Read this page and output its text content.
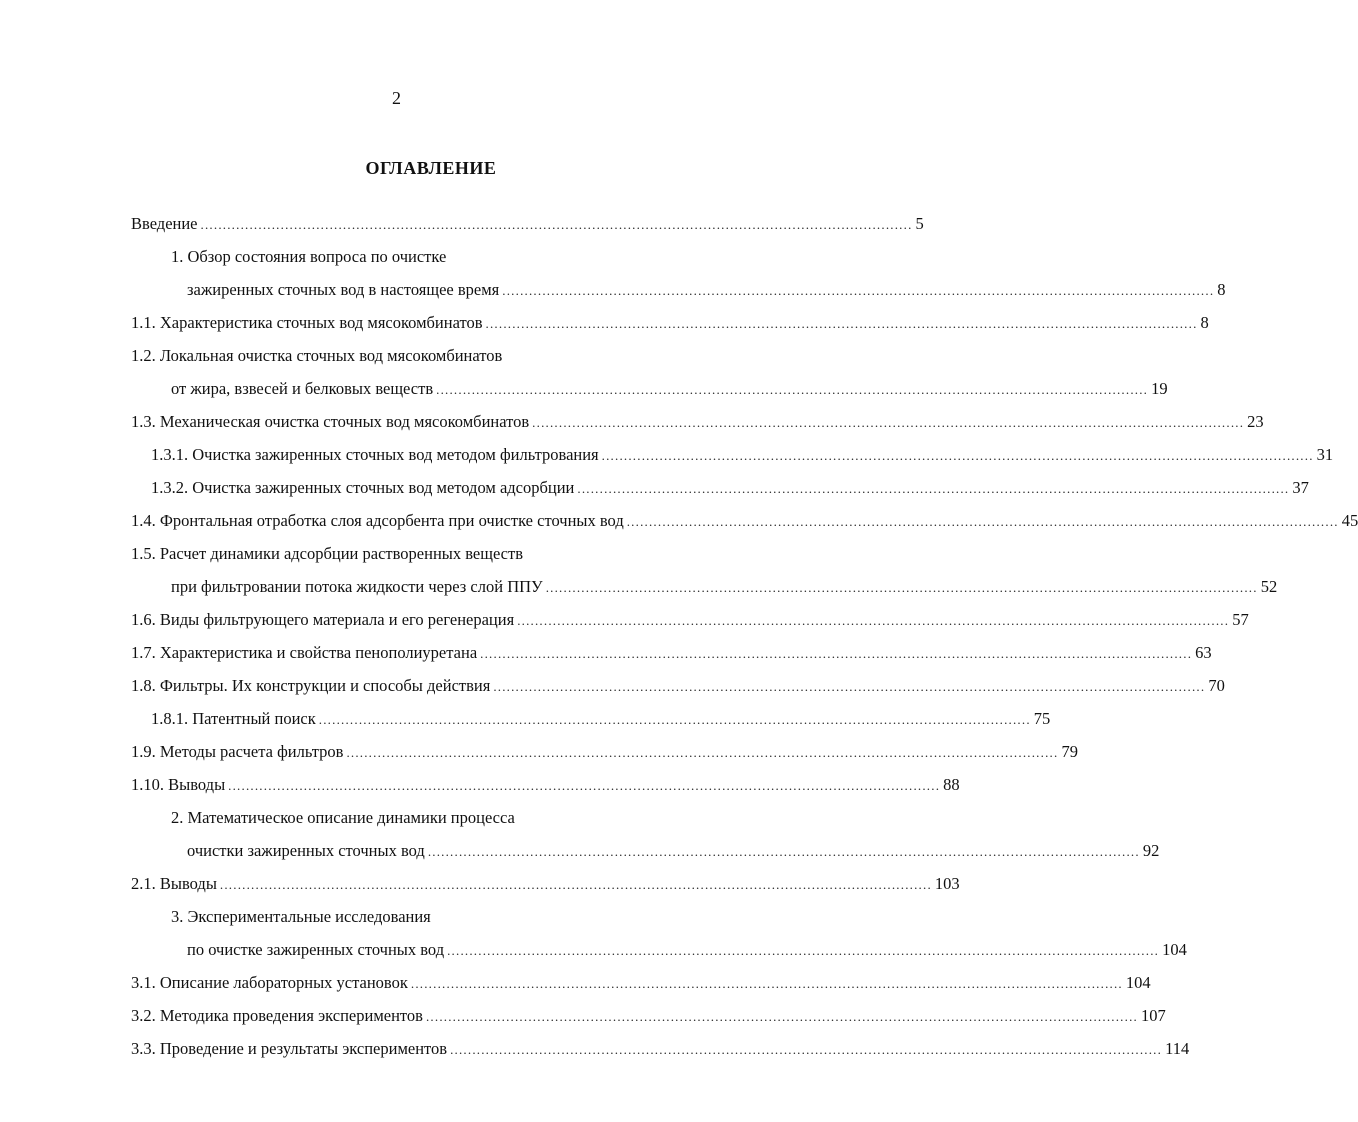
2
ОГЛАВЛЕНИЕ
Введение ................................................................................................................................................................ 5
1. Обзор состояния вопроса по очистке
зажиренных сточных вод в настоящее время ................................................................................................................................................................ 8
1.1. Характеристика сточных вод мясокомбинатов ................................................................................................................................................................ 8
1.2. Локальная очистка сточных вод мясокомбинатов
от жира, взвесей и белковых веществ ................................................................................................................................................................ 19
1.3. Механическая очистка сточных вод мясокомбинатов ................................................................................................................................................................ 23
1.3.1. Очистка зажиренных сточных вод методом фильтрования ................................................................................................................................................................ 31
1.3.2. Очистка зажиренных сточных вод методом адсорбции ................................................................................................................................................................ 37
1.4. Фронтальная отработка слоя адсорбента при очистке сточных вод ................................................................................................................................................................ 45
1.5. Расчет динамики адсорбции растворенных веществ
при фильтровании потока жидкости через слой ППУ ................................................................................................................................................................ 52
1.6. Виды фильтрующего материала и его регенерация ................................................................................................................................................................ 57
1.7. Характеристика и свойства пенополиуретана ................................................................................................................................................................ 63
1.8. Фильтры. Их конструкции и способы действия ................................................................................................................................................................ 70
1.8.1. Патентный поиск ................................................................................................................................................................ 75
1.9. Методы расчета фильтров ................................................................................................................................................................ 79
1.10. Выводы ................................................................................................................................................................ 88
2. Математическое описание динамики процесса
очистки зажиренных сточных вод ................................................................................................................................................................ 92
2.1. Выводы ................................................................................................................................................................ 103
3. Экспериментальные исследования
по очистке зажиренных сточных вод ................................................................................................................................................................ 104
3.1. Описание лабораторных установок ................................................................................................................................................................ 104
3.2. Методика проведения экспериментов ................................................................................................................................................................ 107
3.3. Проведение и результаты экспериментов ................................................................................................................................................................ 114
